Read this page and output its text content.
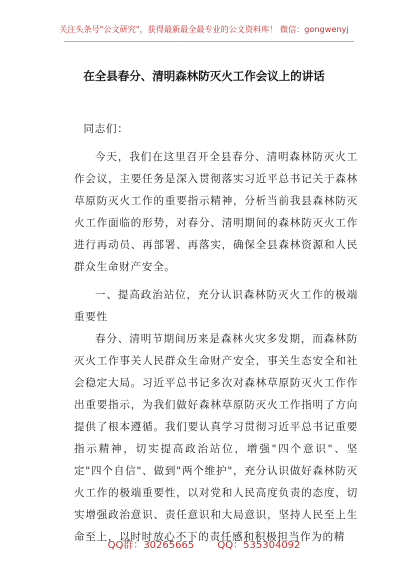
关注头条号"公文研究"，获得最新最全最专业的公文资料库！ 微信：gongwenyj
在全县春分、清明森林防灭火工作会议上的讲话

同志们：

今天，我们在这里召开全县春分、清明森林防灭火工作会议，主要任务是深入贯彻落实习近平总书记关于森林草原防灭火工作的重要指示精神，分析当前我县森林防灭火工作面临的形势，对春分、清明期间的森林防灭火工作进行再动员、再部署、再落实，确保全县森林资源和人民群众生命财产安全。

一、提高政治站位，充分认识森林防灭火工作的极端重要性

春分、清明节期间历来是森林火灾多发期，而森林防灭火工作事关人民群众生命财产安全，事关生态安全和社会稳定大局。习近平总书记多次对森林草原防灭火工作作出重要指示，为我们做好森林草原防灭火工作指明了方向提供了根本遵循。我们要认真学习贯彻习近平总书记重要指示精神，切实提高政治站位，增强"四个意识"、坚定"四个自信"、做到"两个维护"，充分认识做好森林防灭火工作的极端重要性，以对党和人民高度负责的态度，切实增强政治意识、责任意识和大局意识，坚持人民至上生命至上，以时时放心不下的责任感和积极担当作为的精

QQ群：30265665 QQ：535304092
